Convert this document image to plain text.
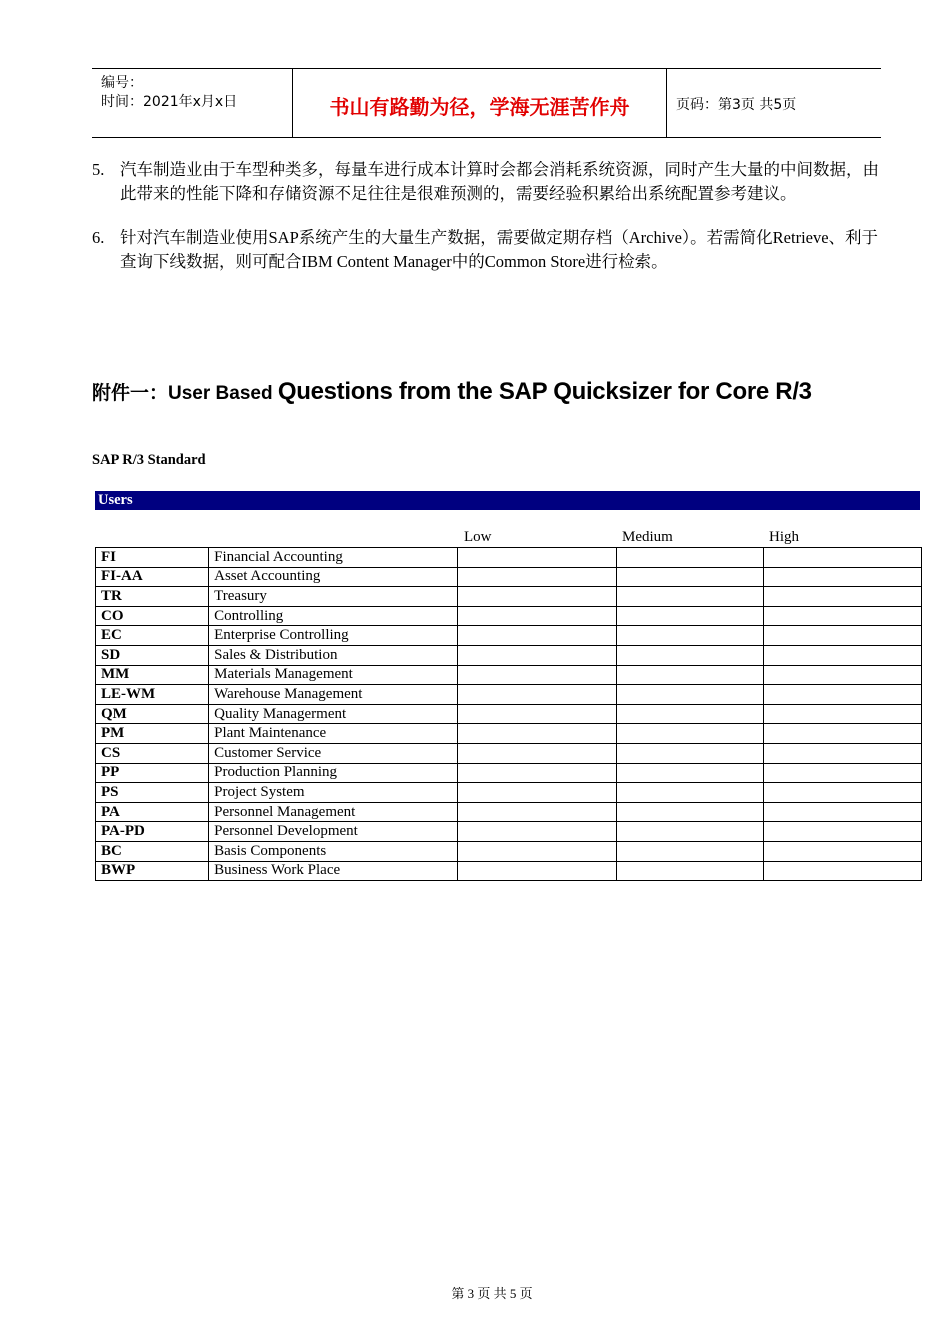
编号：
时间：2021年x月x日	书山有路勤为径，学海无涯苦作舟	页码：第3页 共5页
5. 汽车制造业由于车型种类多，每量车进行成本计算时会都会消耗系统资源，同时产生大量的中间数据，由此带来的性能下降和存储资源不足往往是很难预测的，需要经验积累给出系统配置参考建议。
6. 针对汽车制造业使用SAP系统产生的大量生产数据，需要做定期存档（Archive）。若需简化Retrieve、利于查询下线数据，则可配合IBM Content Manager中的Common Store进行检索。
附件一：User Based Questions from the SAP Quicksizer for Core R/3
SAP R/3 Standard
Users
Low	Medium	High
FI	Financial Accounting			
FI-AA	Asset Accounting			
TR	Treasury			
CO	Controlling			
EC	Enterprise Controlling			
SD	Sales & Distribution			
MM	Materials Management			
LE-WM	Warehouse Management			
QM	Quality Managerment			
PM	Plant Maintenance			
CS	Customer Service			
PP	Production Planning			
PS	Project System			
PA	Personnel Management			
PA-PD	Personnel Development			
BC	Basis Components			
BWP	Business Work Place			
第 3 页 共 5 页
